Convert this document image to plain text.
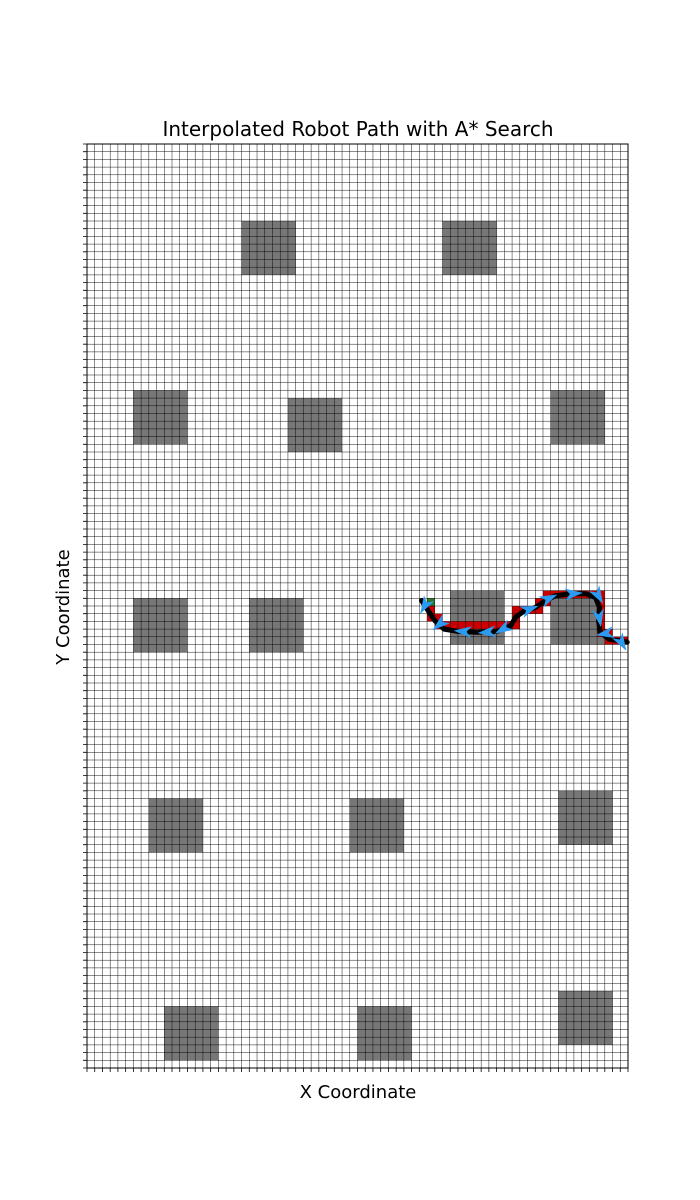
Interpolated Robot Path with A* Search
X Coordinate
Y Coordinate
